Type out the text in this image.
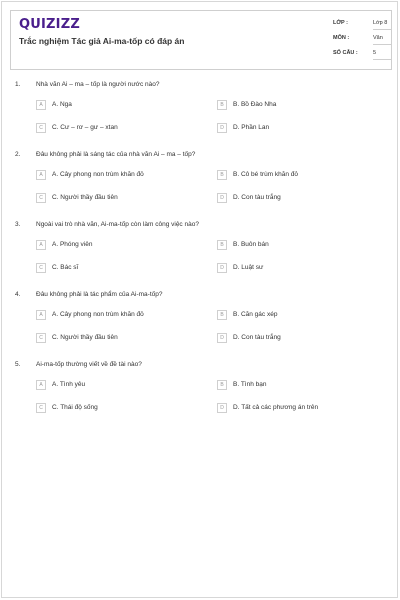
QUIZIZZ
Trắc nghiệm Tác giả Ai-ma-tốp có đáp án
LỚP :	Lớp 8
MÔN :	Văn
SỐ CÂU :	5
1. Nhà văn Ai – ma – tốp là người nước nào?
A	A. Nga	B	B. Bồ Đào Nha
C	C. Cư – rơ – gư – xtan	D	D. Phần Lan
2. Đâu không phải là sáng tác của nhà văn Ai – ma – tốp?
A	A. Cây phong non trùm khăn đỏ	B	B. Cô bé trùm khăn đỏ
C	C. Người thầy đầu tiên	D	D. Con tàu trắng
3. Ngoài vai trò nhà văn, Ai-ma-tốp còn làm công việc nào?
A	A. Phóng viên	B	B. Buôn bán
C	C. Bác sĩ	D	D. Luật sư
4. Đâu không phải là tác phẩm của Ai-ma-tốp?
A	A. Cây phong non trùm khăn đỏ	B	B. Căn gác xép
C	C. Người thầy đầu tiên	D	D. Con tàu trắng
5. Ai-ma-tốp thường viết về đề tài nào?
A	A. Tình yêu	B	B. Tình bạn
C	C. Thái độ sống	D	D. Tất cả các phương án trên
